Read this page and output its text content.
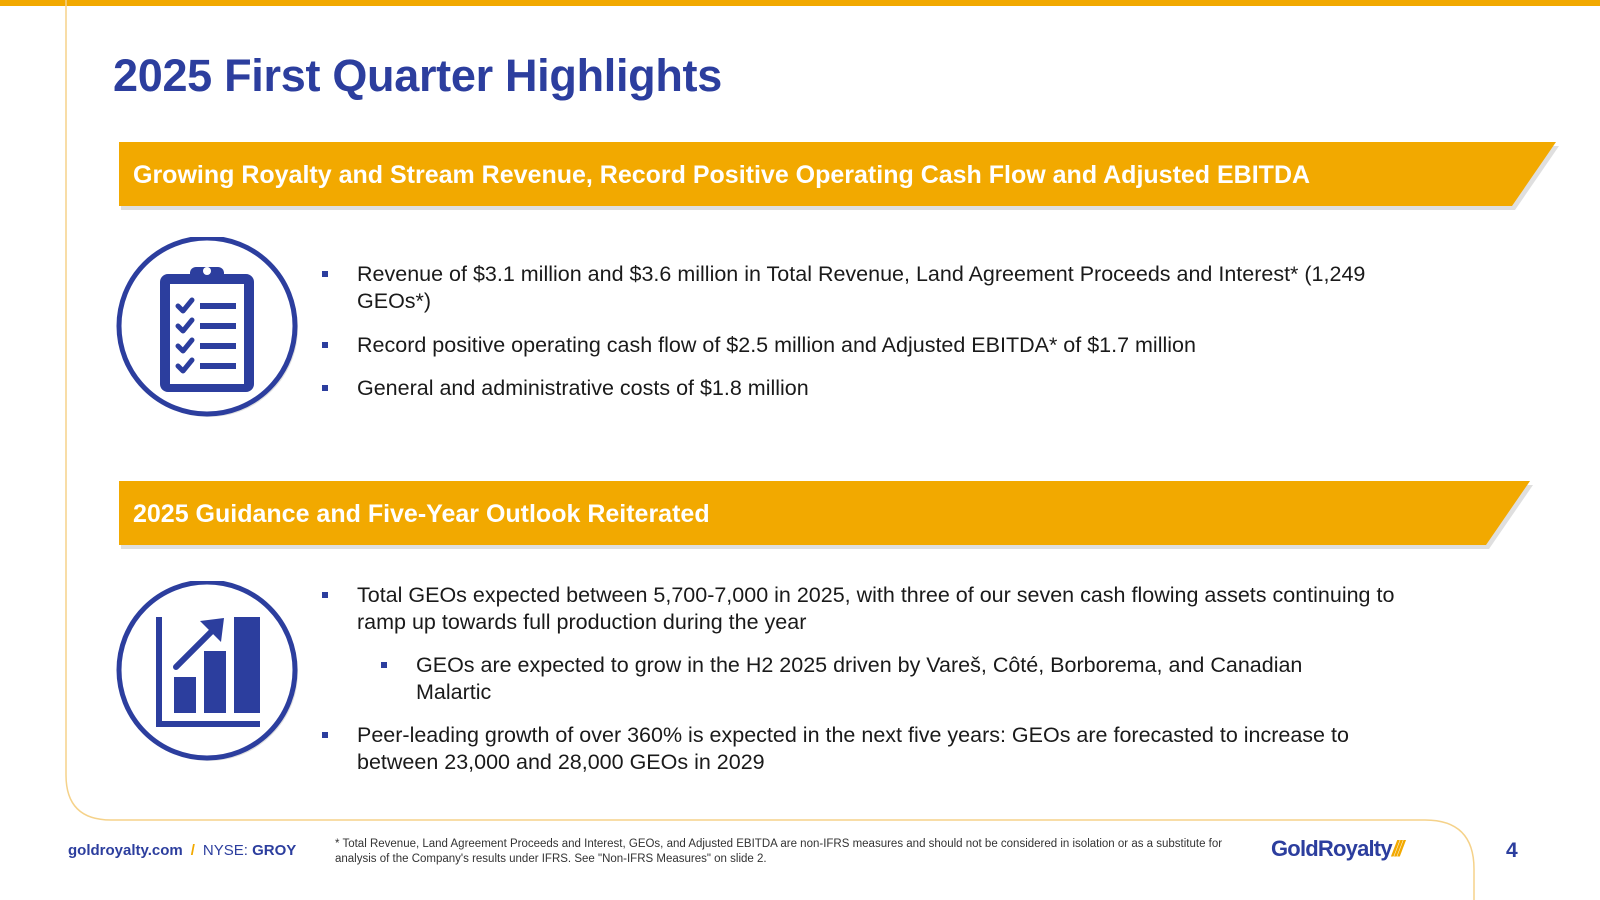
2025 First Quarter Highlights
Growing Royalty and Stream Revenue, Record Positive Operating Cash Flow and Adjusted EBITDA
Revenue of $3.1 million and $3.6 million in Total Revenue, Land Agreement Proceeds and Interest* (1,249 GEOs*)
Record positive operating cash flow of $2.5 million and Adjusted EBITDA* of $1.7 million
General and administrative costs of $1.8 million
2025 Guidance and Five-Year Outlook Reiterated
Total GEOs expected between 5,700-7,000 in 2025, with three of our seven cash flowing assets continuing to ramp up towards full production during the year
GEOs are expected to grow in the H2 2025 driven by Vareš, Côté, Borborema, and Canadian Malartic
Peer-leading growth of over 360% is expected in the next five years: GEOs are forecasted to increase to between 23,000 and 28,000 GEOs in 2029
goldroyalty.com / NYSE: GROY	* Total Revenue, Land Agreement Proceeds and Interest, GEOs, and Adjusted EBITDA are non-IFRS measures and should not be considered in isolation or as a substitute for analysis of the Company's results under IFRS. See "Non-IFRS Measures" on slide 2.	GoldRoyalty///	4
